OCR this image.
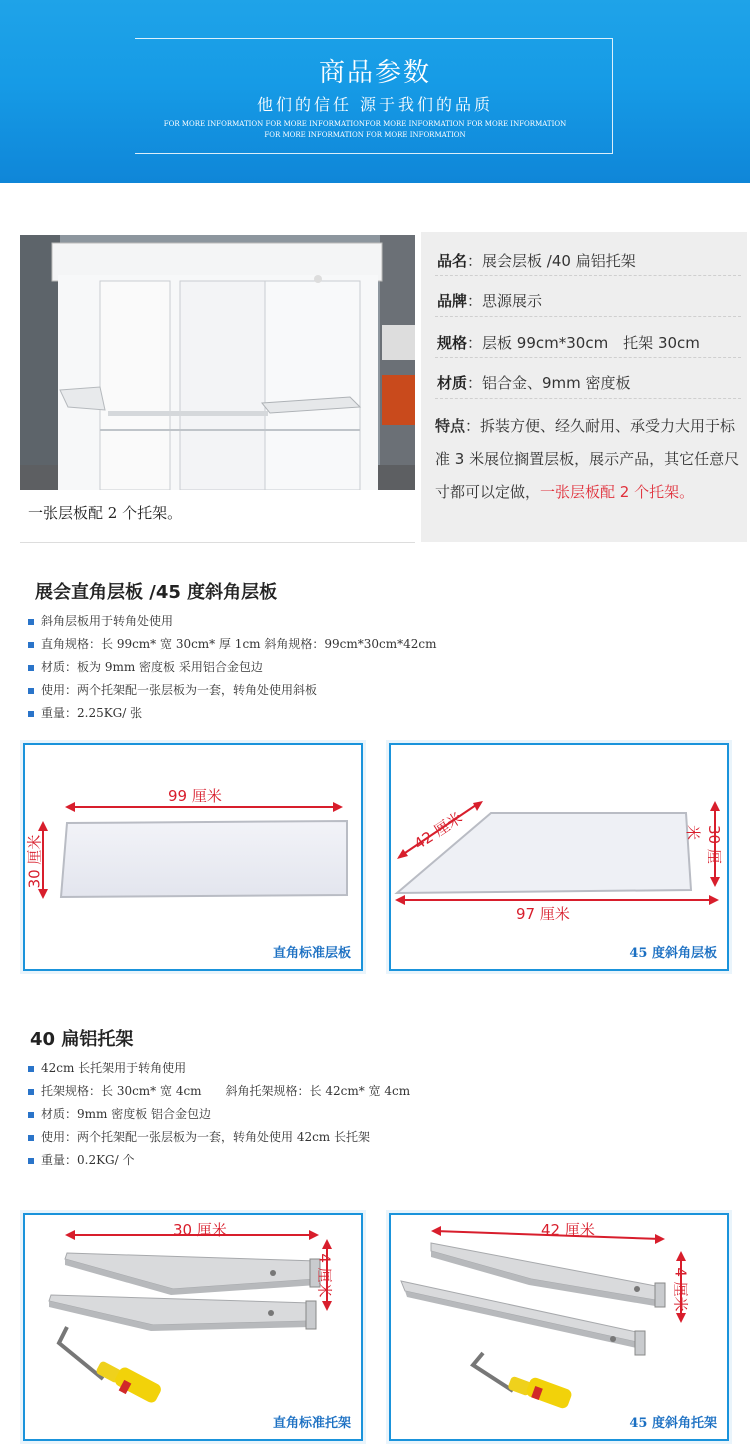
商品参数
他们的信任 源于我们的品质
FOR MORE INFORMATION FOR MORE INFORMATIONFOR MORE INFORMATION FOR MORE INFORMATION
FOR MORE INFORMATION FOR MORE INFORMATION
一张层板配 2 个托架。
品名：展会层板 /40 扁铝托架
品牌：思源展示
规格：层板 99cm*30cm　托架 30cm
材质：铝合金、9mm 密度板
特点：拆装方便、经久耐用、承受力大用于标准 3 米展位搁置层板，展示产品，其它任意尺寸都可以定做，一张层板配 2 个托架。
展会直角层板 /45 度斜角层板
斜角层板用于转角处使用
直角规格：长 99cm* 宽 30cm* 厚 1cm 斜角规格：99cm*30cm*42cm
材质：板为 9mm 密度板 采用铝合金包边
使用：两个托架配一张层板为一套，转角处使用斜板
重量：2.25KG/ 张
99 厘米
30 厘米
直角标准层板
42 厘米
97 厘米
30 厘米
45 度斜角层板
40 扁铝托架
42cm 长托架用于转角使用
托架规格：长 30cm* 宽 4cm　　斜角托架规格：长 42cm* 宽 4cm
材质：9mm 密度板 铝合金包边
使用：两个托架配一张层板为一套，转角处使用 42cm 长托架
重量：0.2KG/ 个
30 厘米
4 厘米
直角标准托架
42 厘米
4 厘米
45 度斜角托架
